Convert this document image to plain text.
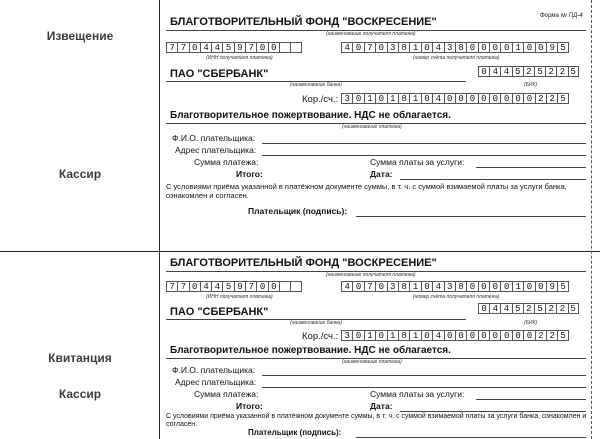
Форма № ПД-4
Извещение
Кассир
Квитанция
Кассир
БЛАГОТВОРИТЕЛЬНЫЙ ФОНД "ВОСКРЕСЕНИЕ"
(наименование получателя платежа)
7 7 0 4 4 5 9 7 0 0
(ИНН получателя платежа)
4 0 7 0 3 8 1 0 4 3 8 0 0 0 0 1 0 0 9 5
(номер счёта получателя платежа)
ПАО "СБЕРБАНК"
(наименование банка)
0 4 4 5 2 5 2 2 5
(БИК)
Кор./сч.: 3 0 1 0 1 8 1 0 4 0 0 0 0 0 0 0 0 2 2 5
Благотворительное пожертвование. НДС не облагается.
(наименование платежа)
Ф.И.О. плательщика:
Адрес плательщика:
Сумма платежа:	Сумма платы за услуги:
Итого:	Дата:
С условиями приёма указанной в платёжном документе суммы, в т. ч. с суммой взимаемой платы за услуги банка, ознакомлен и согласен.
Плательщик (подпись):
БЛАГОТВОРИТЕЛЬНЫЙ ФОНД "ВОСКРЕСЕНИЕ"
(наименование получателя платежа)
7 7 0 4 4 5 9 7 0 0
(ИНН получателя платежа)
4 0 7 0 3 8 1 0 4 3 8 0 0 0 0 1 0 0 9 5
(номер счёта получателя платежа)
ПАО "СБЕРБАНК"
(наименование банка)
0 4 4 5 2 5 2 2 5
(БИК)
Кор./сч.: 3 0 1 0 1 8 1 0 4 0 0 0 0 0 0 0 0 2 2 5
Благотворительное пожертвование. НДС не облагается.
(наименование платежа)
Ф.И.О. плательщика:
Адрес плательщика:
Сумма платежа:	Сумма платы за услуги:
Итого:	Дата:
С условиями приёма указанной в платёжном документе суммы, в т. ч. с суммой взимаемой платы за услуги банка, ознакомлен и согласен.
Плательщик (подпись):
